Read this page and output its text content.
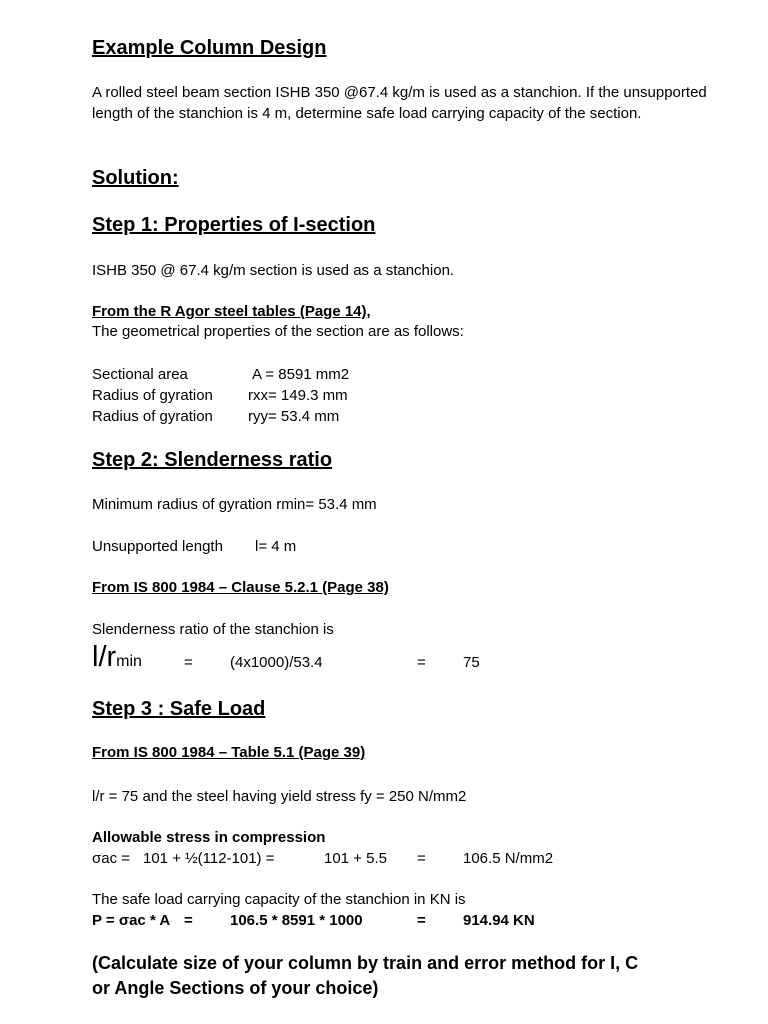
Example Column Design
A rolled steel beam section ISHB 350 @67.4 kg/m is used as a stanchion. If the unsupported length of the stanchion is 4 m, determine safe load carrying capacity of the section.
Solution:
Step 1: Properties of I-section
ISHB 350 @ 67.4 kg/m section is used as a stanchion.
From the R Agor steel tables (Page 14),
The geometrical properties of the section are as follows:
Sectional area	A = 8591 mm2
Radius of gyration rxx= 149.3 mm
Radius of gyration ryy= 53.4 mm
Step 2: Slenderness ratio
Minimum radius of gyration rmin= 53.4 mm
Unsupported length l= 4 m
From IS 800 1984 – Clause 5.2.1 (Page 38)
Slenderness ratio of the stanchion is
l/rmin	= (4x1000)/53.4	= 75
Step 3 : Safe Load
From IS 800 1984 – Table 5.1 (Page 39)
l/r = 75 and the steel having yield stress fy = 250 N/mm2
Allowable stress in compression
σac = 101 + ½(112-101) =	101 + 5.5 = 106.5 N/mm2
The safe load carrying capacity of the stanchion in KN is
P = σac * A = 106.5 * 8591 * 1000	= 914.94 KN
(Calculate size of your column by train and error method for I, C or Angle Sections of your choice)
